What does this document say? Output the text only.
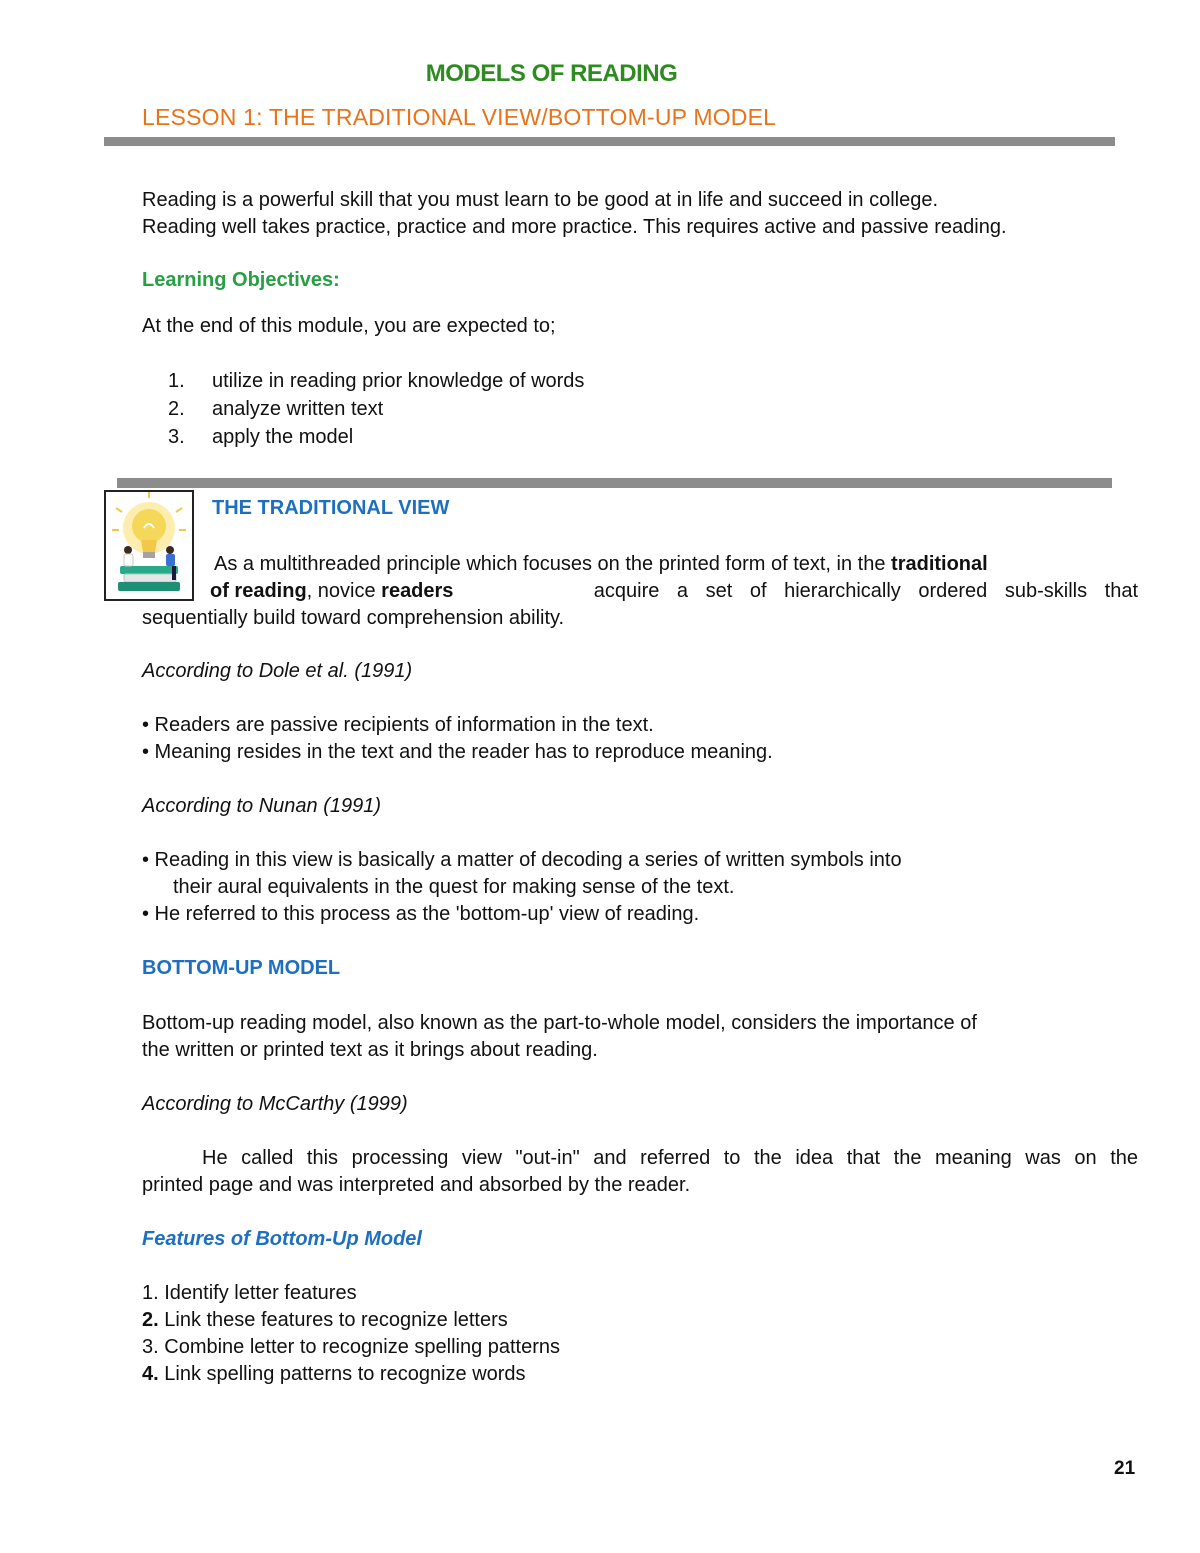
MODELS OF READING
LESSON 1: THE TRADITIONAL VIEW/BOTTOM-UP MODEL
Reading is a powerful skill that you must learn to be good at in life and succeed in college.
Reading well takes practice, practice and more practice. This requires active and passive reading.
Learning Objectives:
At the end of this module, you are expected to;
1. utilize in reading prior knowledge of words
2. analyze written text
3. apply the model
THE TRADITIONAL VIEW
As a multithreaded principle which focuses on the printed form of text, in the traditional
of reading, novice readers	acquire a set of hierarchically ordered sub-skills that
sequentially build toward comprehension ability.
According to Dole et al. (1991)
• Readers are passive recipients of information in the text.
• Meaning resides in the text and the reader has to reproduce meaning.
According to Nunan (1991)
• Reading in this view is basically a matter of decoding a series of written symbols into
their aural equivalents in the quest for making sense of the text.
• He referred to this process as the 'bottom-up' view of reading.
BOTTOM-UP MODEL
Bottom-up reading model, also known as the part-to-whole model, considers the importance of
the written or printed text as it brings about reading.
According to McCarthy (1999)
He called this processing view "out-in" and referred to the idea that the meaning was on the
printed page and was interpreted and absorbed by the reader.
Features of Bottom-Up Model
1. Identify letter features
2. Link these features to recognize letters
3. Combine letter to recognize spelling patterns
4. Link spelling patterns to recognize words
21
